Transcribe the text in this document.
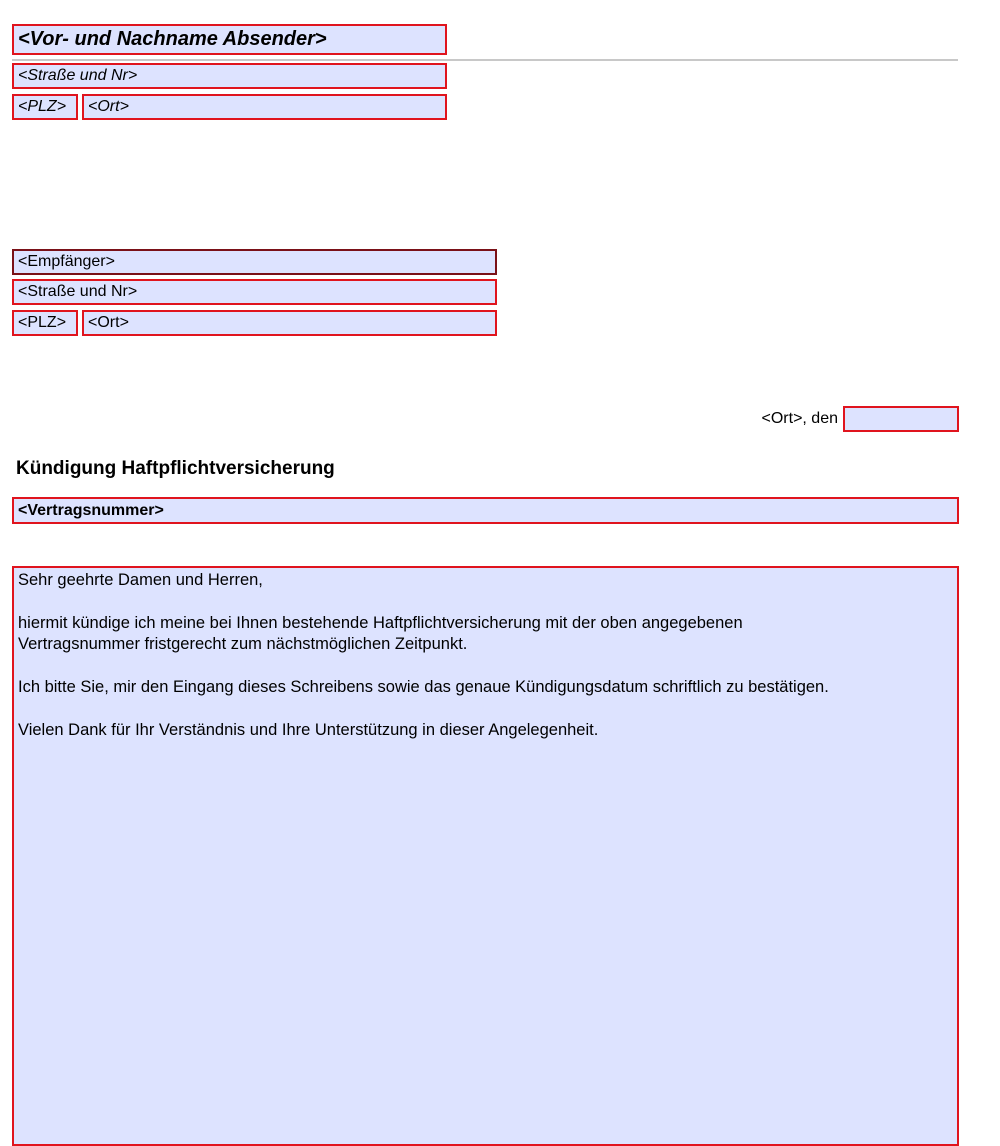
<Vor- und Nachname Absender>
<Straße und Nr>
<PLZ>	<Ort>
<Empfänger>
<Straße und Nr>
<PLZ>	<Ort>
<Ort>, den
Kündigung Haftpflichtversicherung
<Vertragsnummer>

Sehr geehrte Damen und Herren,

hiermit kündige ich meine bei Ihnen bestehende Haftpflichtversicherung mit der oben angegebenen
Vertragsnummer fristgerecht zum nächstmöglichen Zeitpunkt.

Ich bitte Sie, mir den Eingang dieses Schreibens sowie das genaue Kündigungsdatum schriftlich zu bestätigen.

Vielen Dank für Ihr Verständnis und Ihre Unterstützung in dieser Angelegenheit.
